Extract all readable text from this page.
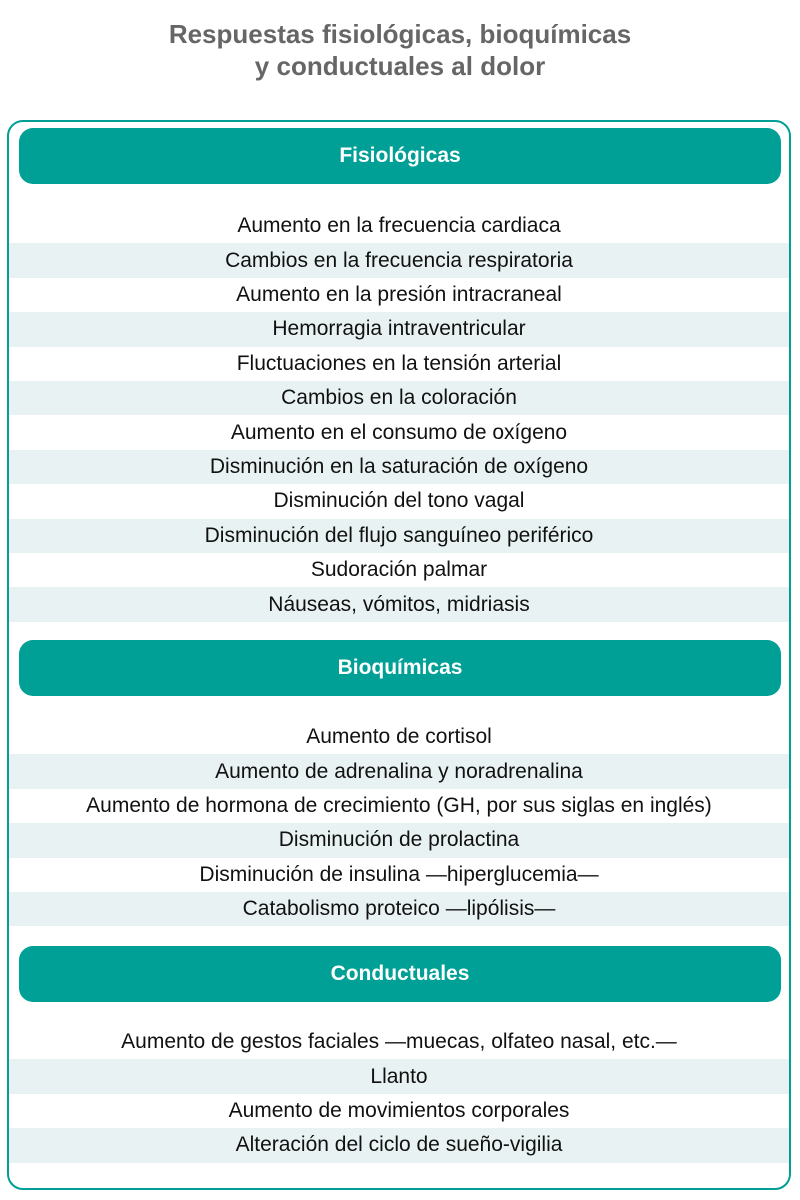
Respuestas fisiológicas, bioquímicas
y conductuales al dolor
Fisiológicas
Aumento en la frecuencia cardiaca
Cambios en la frecuencia respiratoria
Aumento en la presión intracraneal
Hemorragia intraventricular
Fluctuaciones en la tensión arterial
Cambios en la coloración
Aumento en el consumo de oxígeno
Disminución en la saturación de oxígeno
Disminución del tono vagal
Disminución del flujo sanguíneo periférico
Sudoración palmar
Náuseas, vómitos, midriasis
Bioquímicas
Aumento de cortisol
Aumento de adrenalina y noradrenalina
Aumento de hormona de crecimiento (GH, por sus siglas en inglés)
Disminución de prolactina
Disminución de insulina —hiperglucemia—
Catabolismo proteico —lipólisis—
Conductuales
Aumento de gestos faciales —muecas, olfateo nasal, etc.—
Llanto
Aumento de movimientos corporales
Alteración del ciclo de sueño-vigilia
